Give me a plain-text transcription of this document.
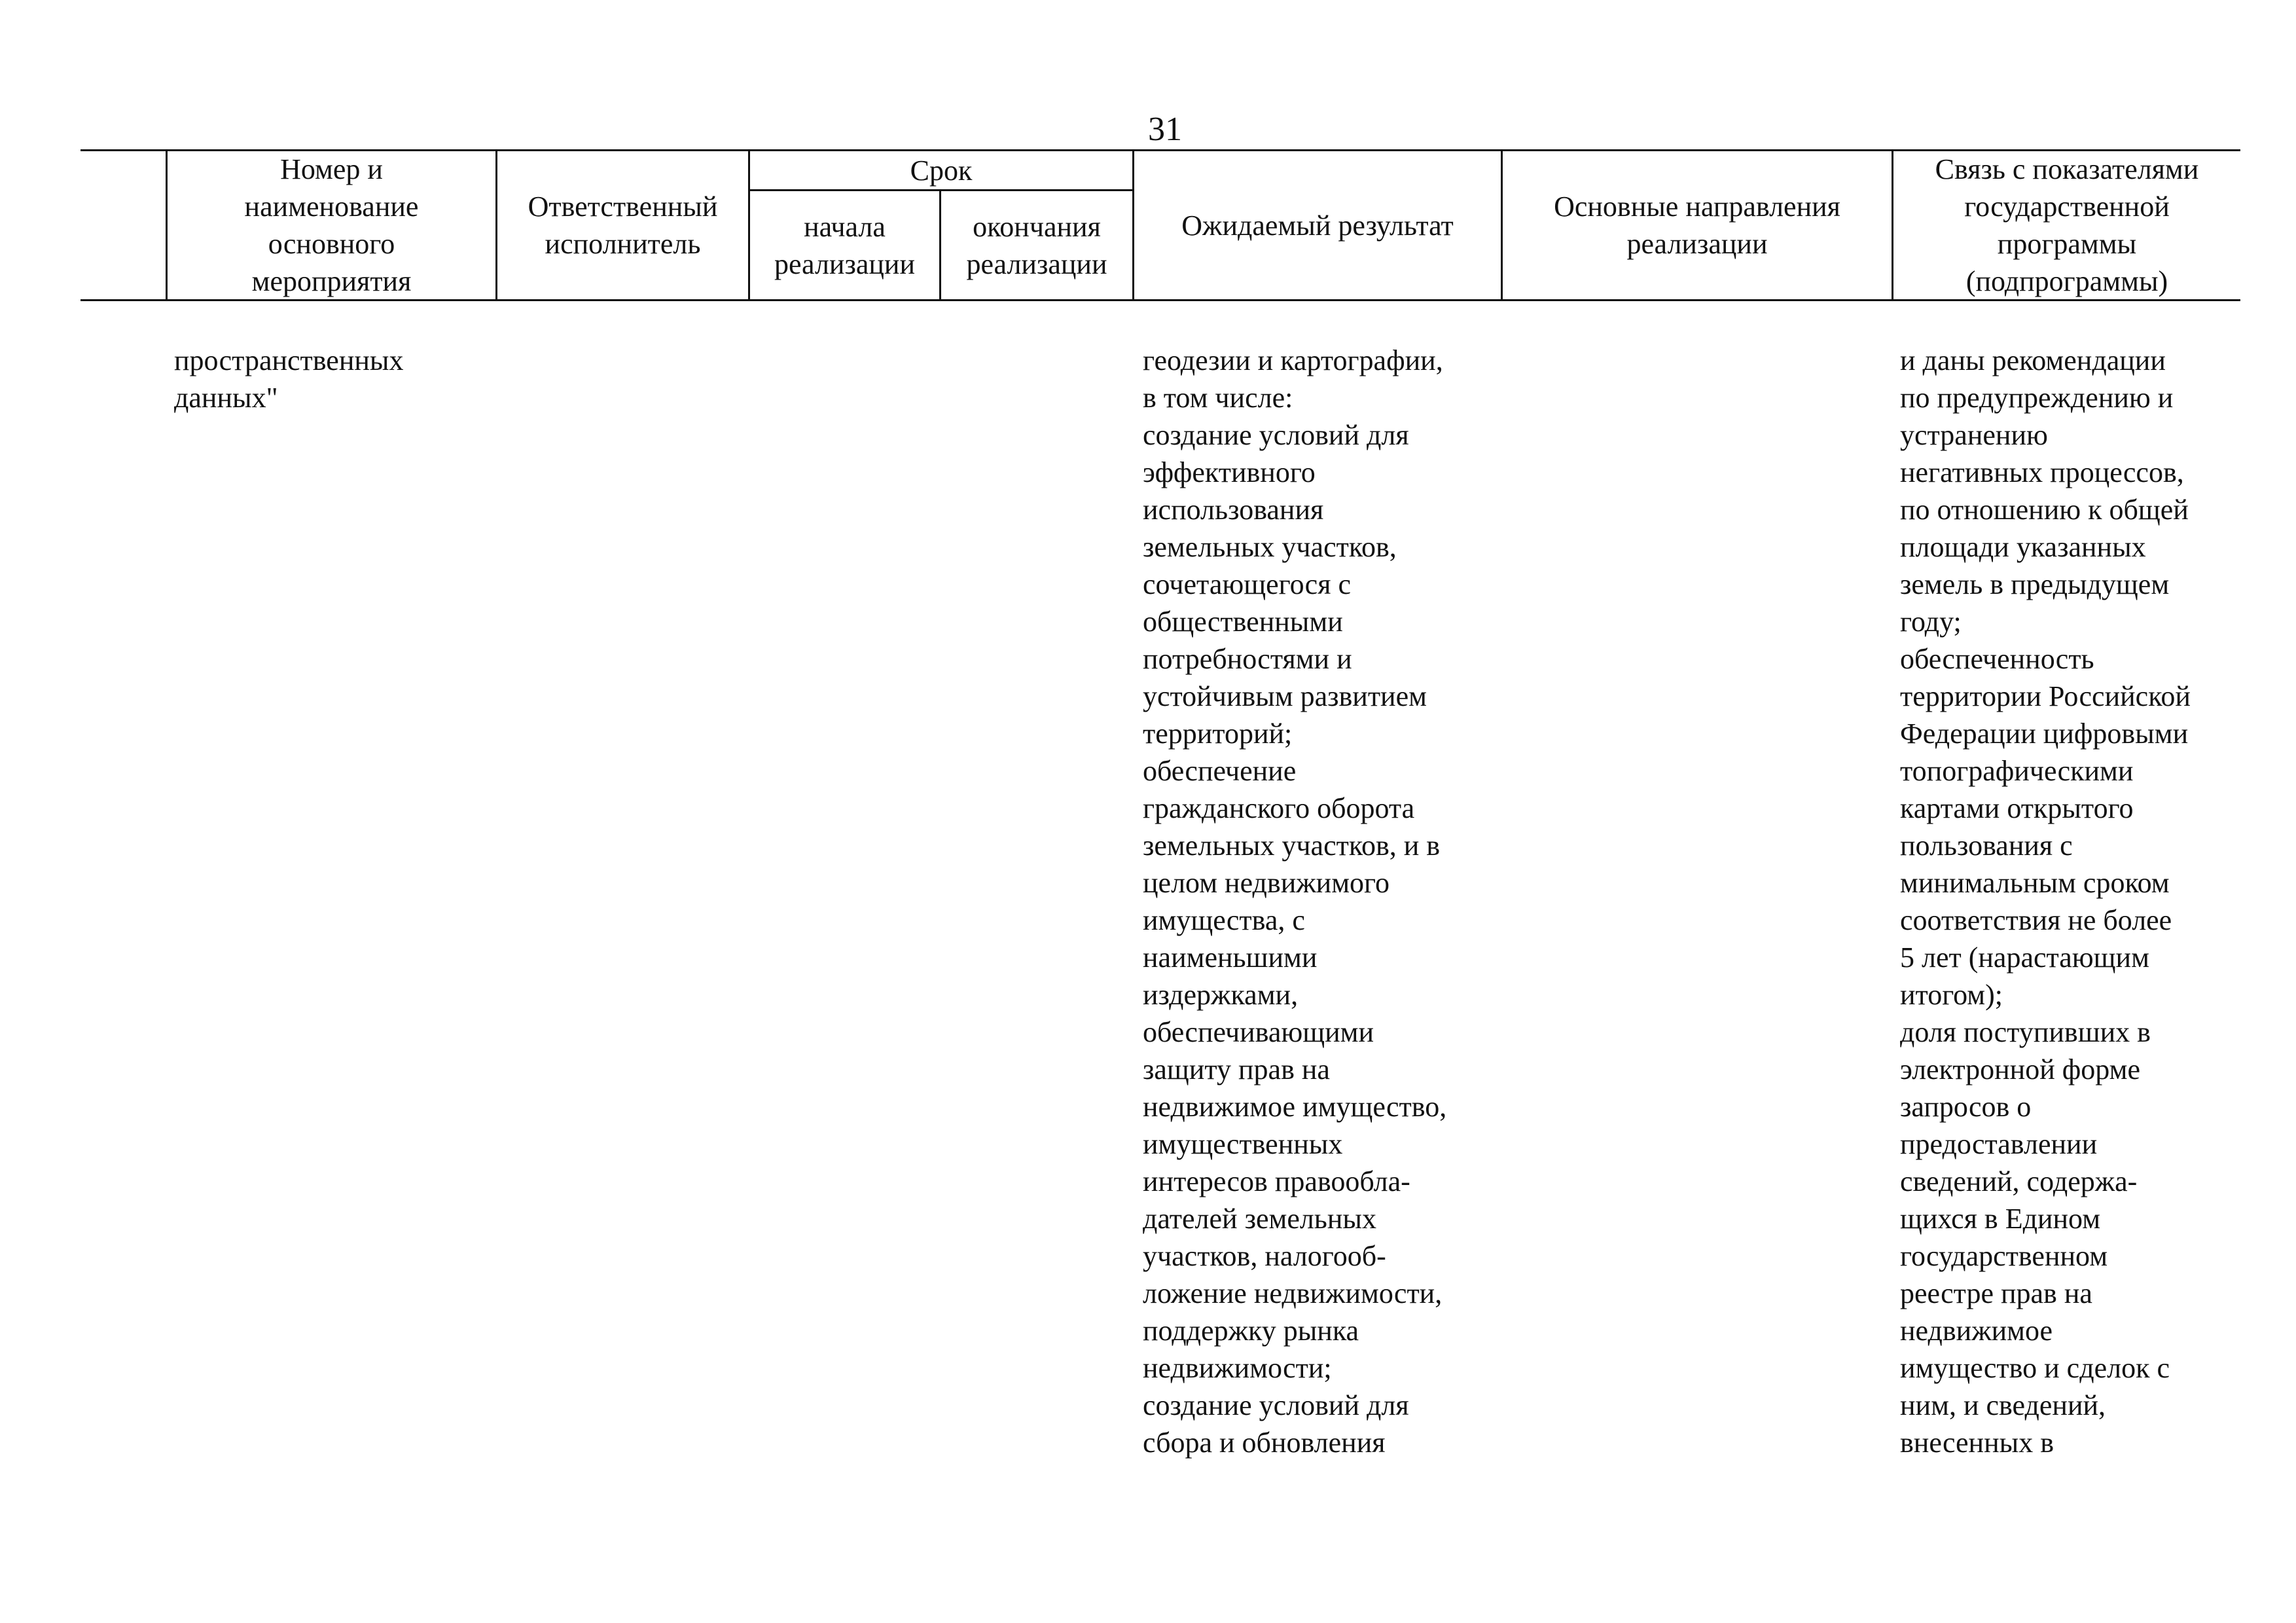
31
Номер и
наименование
основного
мероприятия
Ответственный
исполнитель
Срок
начала
реализации
окончания
реализации
Ожидаемый результат
Основные направления
реализации
Связь с показателями
государственной
программы
(подпрограммы)
пространственных
данных"
геодезии и картографии,
в том числе:
создание условий для
эффективного
использования
земельных участков,
сочетающегося с
общественными
потребностями и
устойчивым развитием
территорий;
обеспечение
гражданского оборота
земельных участков, и в
целом недвижимого
имущества, с
наименьшими
издержками,
обеспечивающими
защиту прав на
недвижимое имущество,
имущественных
интересов правообла-
дателей земельных
участков, налогооб-
ложение недвижимости,
поддержку рынка
недвижимости;
создание условий для
сбора и обновления
и даны рекомендации
по предупреждению и
устранению
негативных процессов,
по отношению к общей
площади указанных
земель в предыдущем
году;
обеспеченность
территории Российской
Федерации цифровыми
топографическими
картами открытого
пользования с
минимальным сроком
соответствия не более
5 лет (нарастающим
итогом);
доля поступивших в
электронной форме
запросов о
предоставлении
сведений, содержа-
щихся в Едином
государственном
реестре прав на
недвижимое
имущество и сделок с
ним, и сведений,
внесенных в
